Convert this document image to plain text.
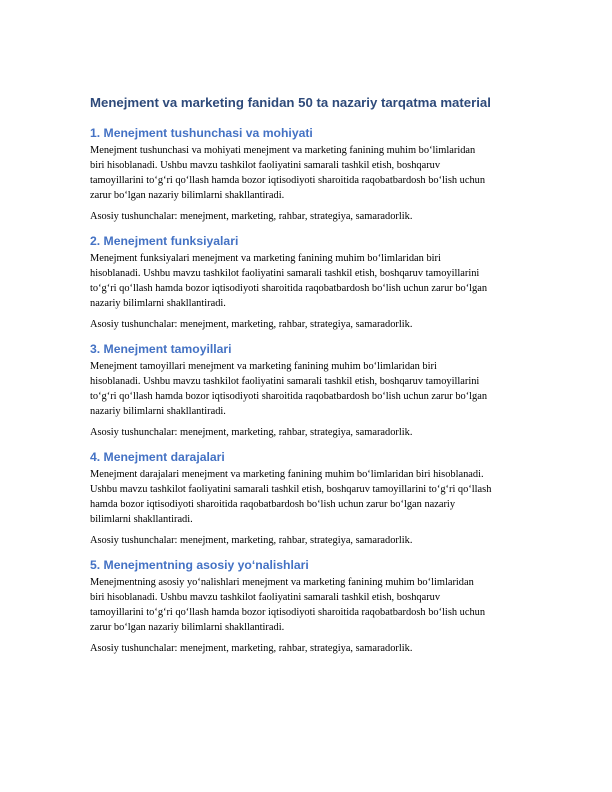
Menejment va marketing fanidan 50 ta nazariy tarqatma material
1. Menejment tushunchasi va mohiyati

Menejment tushunchasi va mohiyati menejment va marketing fanining muhim bo‘limlaridan
biri hisoblanadi. Ushbu mavzu tashkilot faoliyatini samarali tashkil etish, boshqaruv
tamoyillarini to‘g‘ri qo‘llash hamda bozor iqtisodiyoti sharoitida raqobatbardosh bo‘lish uchun
zarur bo‘lgan nazariy bilimlarni shakllantiradi.

Asosiy tushunchalar: menejment, marketing, rahbar, strategiya, samaradorlik.

2. Menejment funksiyalari

Menejment funksiyalari menejment va marketing fanining muhim bo‘limlaridan biri
hisoblanadi. Ushbu mavzu tashkilot faoliyatini samarali tashkil etish, boshqaruv tamoyillarini
to‘g‘ri qo‘llash hamda bozor iqtisodiyoti sharoitida raqobatbardosh bo‘lish uchun zarur bo‘lgan
nazariy bilimlarni shakllantiradi.

Asosiy tushunchalar: menejment, marketing, rahbar, strategiya, samaradorlik.

3. Menejment tamoyillari

Menejment tamoyillari menejment va marketing fanining muhim bo‘limlaridan biri
hisoblanadi. Ushbu mavzu tashkilot faoliyatini samarali tashkil etish, boshqaruv tamoyillarini
to‘g‘ri qo‘llash hamda bozor iqtisodiyoti sharoitida raqobatbardosh bo‘lish uchun zarur bo‘lgan
nazariy bilimlarni shakllantiradi.

Asosiy tushunchalar: menejment, marketing, rahbar, strategiya, samaradorlik.

4. Menejment darajalari

Menejment darajalari menejment va marketing fanining muhim bo‘limlaridan biri hisoblanadi.
Ushbu mavzu tashkilot faoliyatini samarali tashkil etish, boshqaruv tamoyillarini to‘g‘ri qo‘llash
hamda bozor iqtisodiyoti sharoitida raqobatbardosh bo‘lish uchun zarur bo‘lgan nazariy
bilimlarni shakllantiradi.

Asosiy tushunchalar: menejment, marketing, rahbar, strategiya, samaradorlik.

5. Menejmentning asosiy yo‘nalishlari

Menejmentning asosiy yo‘nalishlari menejment va marketing fanining muhim bo‘limlaridan
biri hisoblanadi. Ushbu mavzu tashkilot faoliyatini samarali tashkil etish, boshqaruv
tamoyillarini to‘g‘ri qo‘llash hamda bozor iqtisodiyoti sharoitida raqobatbardosh bo‘lish uchun
zarur bo‘lgan nazariy bilimlarni shakllantiradi.

Asosiy tushunchalar: menejment, marketing, rahbar, strategiya, samaradorlik.
